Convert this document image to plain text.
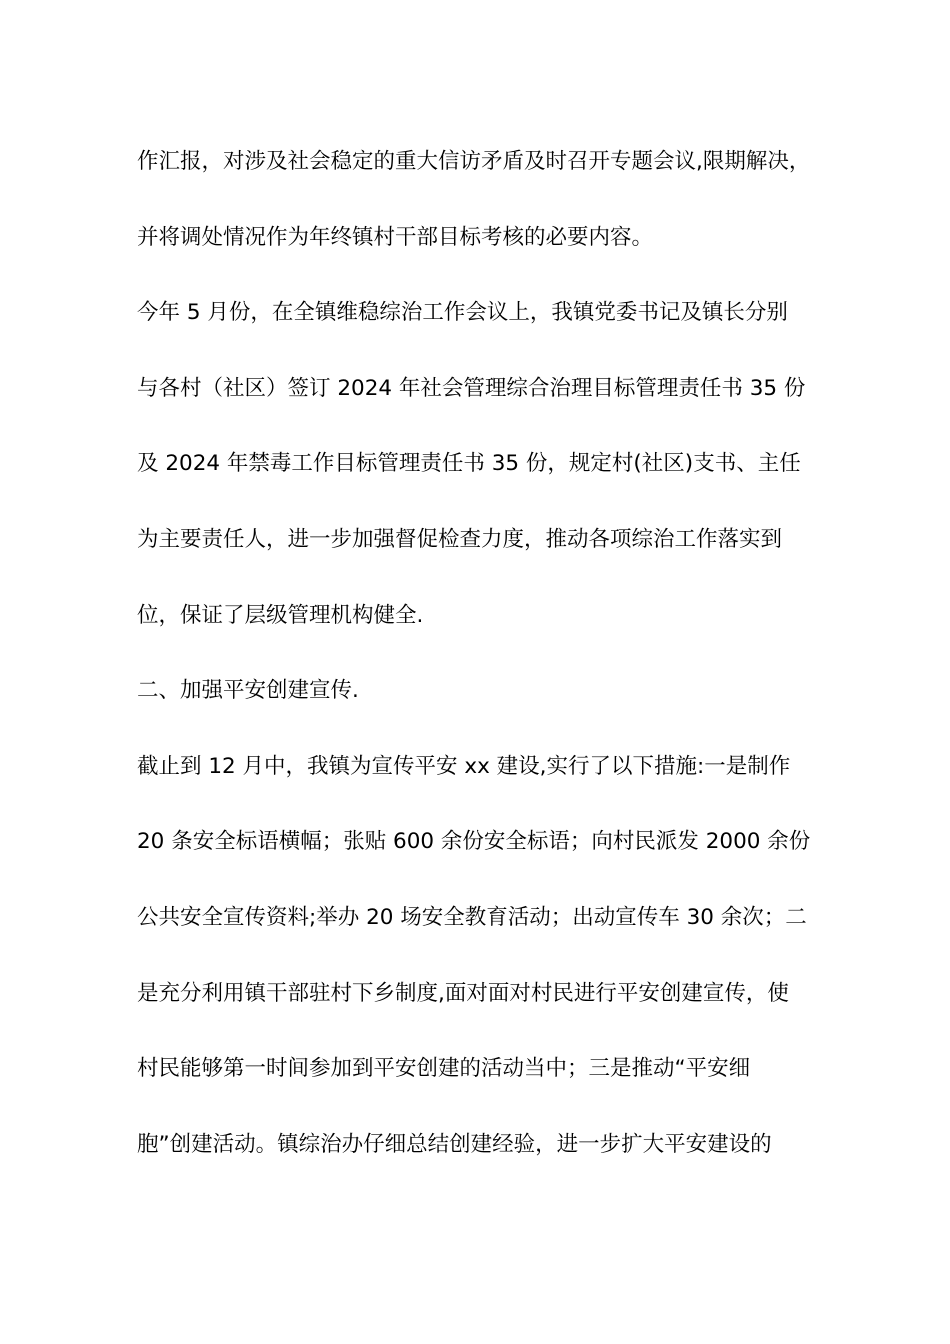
作汇报，对涉及社会稳定的重大信访矛盾及时召开专题会议,限期解决，
并将调处情况作为年终镇村干部目标考核的必要内容。
今年 5 月份，在全镇维稳综治工作会议上，我镇党委书记及镇长分别
与各村（社区）签订 2024 年社会管理综合治理目标管理责任书 35 份
及 2024 年禁毒工作目标管理责任书 35 份，规定村(社区)支书、主任
为主要责任人，进一步加强督促检查力度，推动各项综治工作落实到
位，保证了层级管理机构健全.
二、加强平安创建宣传.
截止到 12 月中，我镇为宣传平安 xx 建设,实行了以下措施:一是制作
20 条安全标语横幅；张贴 600 余份安全标语；向村民派发 2000 余份
公共安全宣传资料;举办 20 场安全教育活动；出动宣传车 30 余次；二
是充分利用镇干部驻村下乡制度,面对面对村民进行平安创建宣传，使
村民能够第一时间参加到平安创建的活动当中；三是推动“平安细
胞”创建活动。镇综治办仔细总结创建经验，进一步扩大平安建设的
